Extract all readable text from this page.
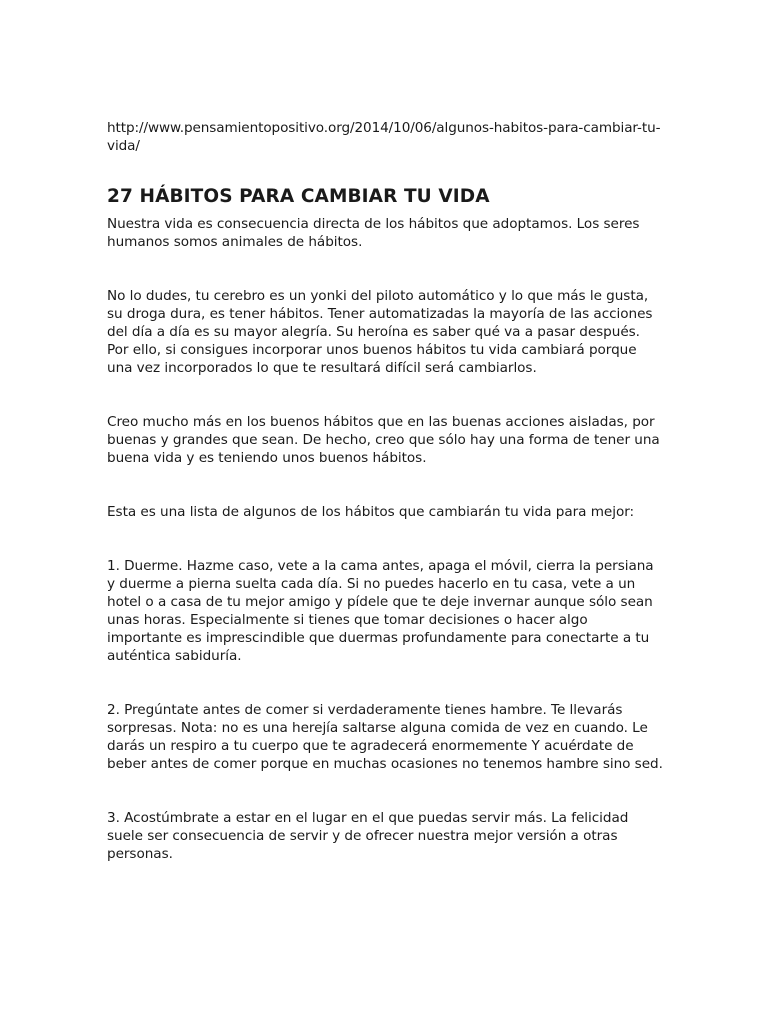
http://www.pensamientopositivo.org/2014/10/06/algunos-habitos-para-cambiar-tu-vida/

27 HÁBITOS PARA CAMBIAR TU VIDA

Nuestra vida es consecuencia directa de los hábitos que adoptamos. Los seres humanos somos animales de hábitos.

No lo dudes, tu cerebro es un yonki del piloto automático y lo que más le gusta, su droga dura, es tener hábitos. Tener automatizadas la mayoría de las acciones del día a día es su mayor alegría. Su heroína es saber qué va a pasar después. Por ello, si consigues incorporar unos buenos hábitos tu vida cambiará porque una vez incorporados lo que te resultará difícil será cambiarlos.

Creo mucho más en los buenos hábitos que en las buenas acciones aisladas, por buenas y grandes que sean. De hecho, creo que sólo hay una forma de tener una buena vida y es teniendo unos buenos hábitos.

Esta es una lista de algunos de los hábitos que cambiarán tu vida para mejor:

1. Duerme. Hazme caso, vete a la cama antes, apaga el móvil, cierra la persiana y duerme a pierna suelta cada día. Si no puedes hacerlo en tu casa, vete a un hotel o a casa de tu mejor amigo y pídele que te deje invernar aunque sólo sean unas horas. Especialmente si tienes que tomar decisiones o hacer algo importante es imprescindible que duermas profundamente para conectarte a tu auténtica sabiduría.

2. Pregúntate antes de comer si verdaderamente tienes hambre. Te llevarás sorpresas. Nota: no es una herejía saltarse alguna comida de vez en cuando. Le darás un respiro a tu cuerpo que te agradecerá enormemente Y acuérdate de beber antes de comer porque en muchas ocasiones no tenemos hambre sino sed.

3. Acostúmbrate a estar en el lugar en el que puedas servir más. La felicidad suele ser consecuencia de servir y de ofrecer nuestra mejor versión a otras personas.
